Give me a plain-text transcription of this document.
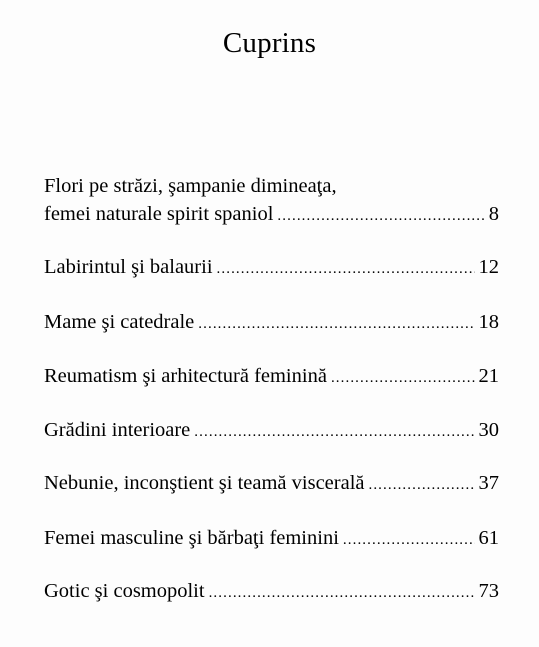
Cuprins
Flori pe străzi, şampanie dimineaţa,
femei naturale spirit spaniol .....	8
Labirintul şi balaurii .....	12
Mame şi catedrale .....	18
Reumatism şi arhitectură feminină .....	21
Grădini interioare .....	30
Nebunie, inconştient şi teamă viscerală .....	37
Femei masculine şi bărbaţi feminini .....	61
Gotic şi cosmopolit .....	73
